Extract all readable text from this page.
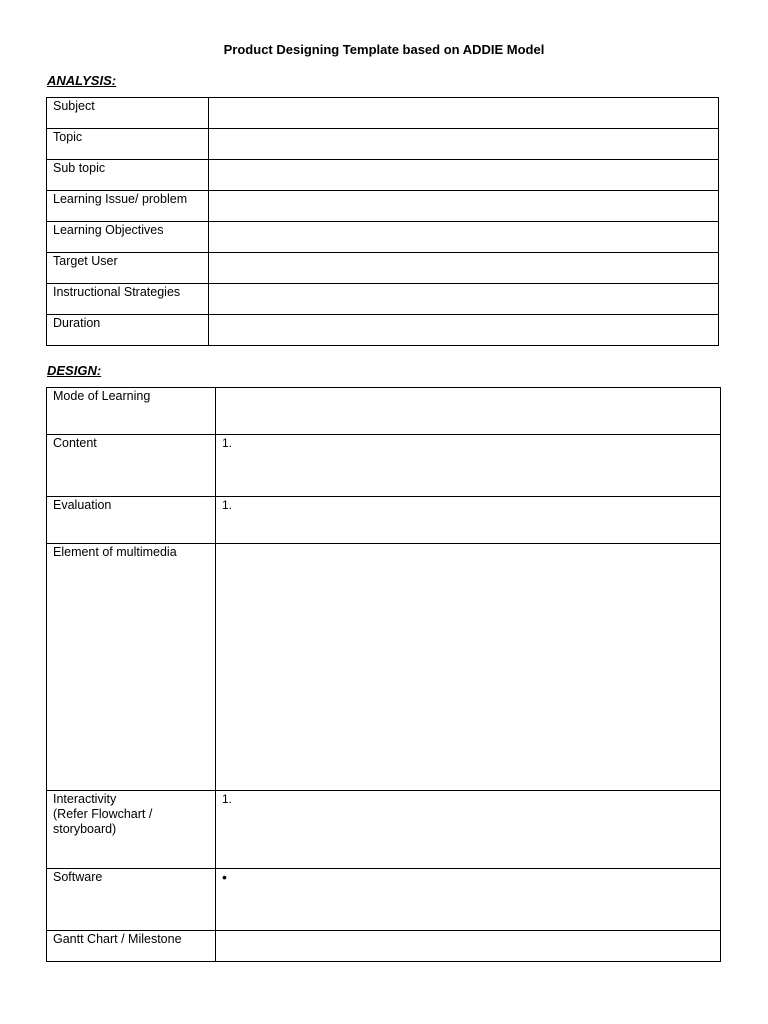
Product Designing Template based on ADDIE Model
ANALYSIS:
Subject	
Topic	
Sub topic	
Learning Issue/ problem	
Learning Objectives	
Target User	
Instructional Strategies	
Duration	
DESIGN:
Mode of Learning	
Content	1.
Evaluation	1.
Element of multimedia	
Interactivity
(Refer Flowchart / storyboard)	1.
Software	•
Gantt Chart / Milestone	
